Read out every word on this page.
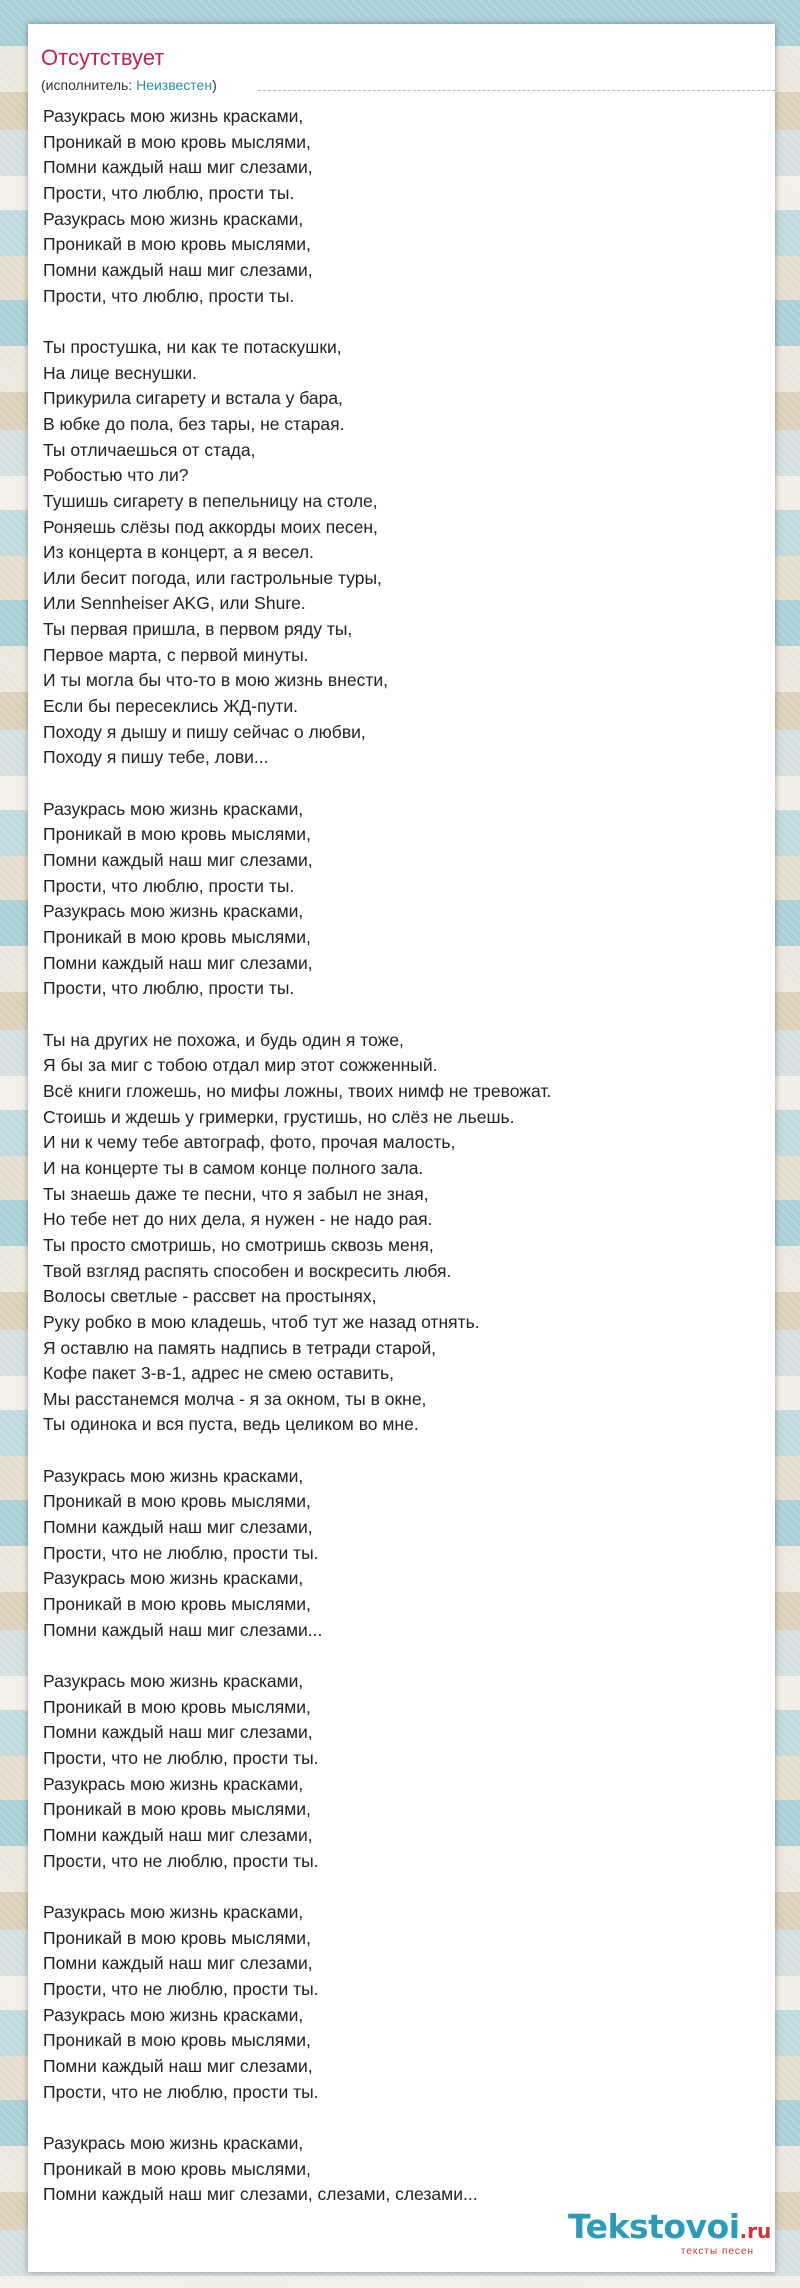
Отсутствует
(исполнитель: Неизвестен)
Разукрась мою жизнь красками,
Проникай в мою кровь мыслями,
Помни каждый наш миг слезами,
Прости, что люблю, прости ты.
Разукрась мою жизнь красками,
Проникай в мою кровь мыслями,
Помни каждый наш миг слезами,
Прости, что люблю, прости ты.

Ты простушка, ни как те потаскушки,
На лице веснушки.
Прикурила сигарету и встала у бара,
В юбке до пола, без тары, не старая.
Ты отличаешься от стада,
Робостью что ли?
Тушишь сигарету в пепельницу на столе,
Роняешь слёзы под аккорды моих песен,
Из концерта в концерт, а я весел.
Или бесит погода, или гастрольные туры,
Или Sennheiser AKG, или Shure.
Ты первая пришла, в первом ряду ты,
Первое марта, с первой минуты.
И ты могла бы что-то в мою жизнь внести,
Если бы пересеклись ЖД-пути.
Походу я дышу и пишу сейчас о любви,
Походу я пишу тебе, лови...

Разукрась мою жизнь красками,
Проникай в мою кровь мыслями,
Помни каждый наш миг слезами,
Прости, что люблю, прости ты.
Разукрась мою жизнь красками,
Проникай в мою кровь мыслями,
Помни каждый наш миг слезами,
Прости, что люблю, прости ты.

Ты на других не похожа, и будь один я тоже,
Я бы за миг с тобою отдал мир этот сожженный.
Всё книги гложешь, но мифы ложны, твоих нимф не тревожат.
Стоишь и ждешь у гримерки, грустишь, но слёз не льешь.
И ни к чему тебе автограф, фото, прочая малость,
И на концерте ты в самом конце полного зала.
Ты знаешь даже те песни, что я забыл не зная,
Но тебе нет до них дела, я нужен - не надо рая.
Ты просто смотришь, но смотришь сквозь меня,
Твой взгляд распять способен и воскресить любя.
Волосы светлые - рассвет на простынях,
Руку робко в мою кладешь, чтоб тут же назад отнять.
Я оставлю на память надпись в тетради старой,
Кофе пакет 3-в-1, адрес не смею оставить,
Мы расстанемся молча - я за окном, ты в окне,
Ты одинока и вся пуста, ведь целиком во мне.

Разукрась мою жизнь красками,
Проникай в мою кровь мыслями,
Помни каждый наш миг слезами,
Прости, что не люблю, прости ты.
Разукрась мою жизнь красками,
Проникай в мою кровь мыслями,
Помни каждый наш миг слезами...

Разукрась мою жизнь красками,
Проникай в мою кровь мыслями,
Помни каждый наш миг слезами,
Прости, что не люблю, прости ты.
Разукрась мою жизнь красками,
Проникай в мою кровь мыслями,
Помни каждый наш миг слезами,
Прости, что не люблю, прости ты.

Разукрась мою жизнь красками,
Проникай в мою кровь мыслями,
Помни каждый наш миг слезами,
Прости, что не люблю, прости ты.
Разукрась мою жизнь красками,
Проникай в мою кровь мыслями,
Помни каждый наш миг слезами,
Прости, что не люблю, прости ты.

Разукрась мою жизнь красками,
Проникай в мою кровь мыслями,
Помни каждый наш миг слезами, слезами, слезами...
Tekstovoi.ru
тексты песен
